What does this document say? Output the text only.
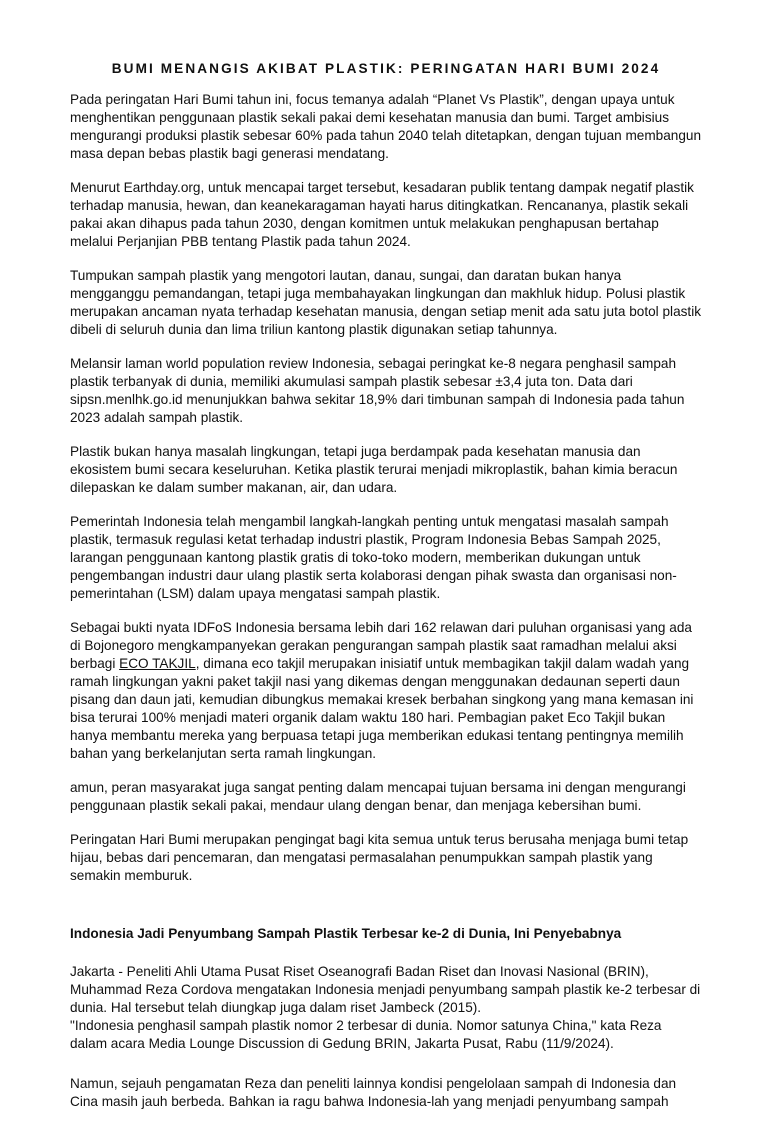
BUMI MENANGIS AKIBAT PLASTIK: PERINGATAN HARI BUMI 2024

Pada peringatan Hari Bumi tahun ini, focus temanya adalah “Planet Vs Plastik”, dengan upaya untuk menghentikan penggunaan plastik sekali pakai demi kesehatan manusia dan bumi. Target ambisius mengurangi produksi plastik sebesar 60% pada tahun 2040 telah ditetapkan, dengan tujuan membangun masa depan bebas plastik bagi generasi mendatang.

Menurut Earthday.org, untuk mencapai target tersebut, kesadaran publik tentang dampak negatif plastik terhadap manusia, hewan, dan keanekaragaman hayati harus ditingkatkan. Rencananya, plastik sekali pakai akan dihapus pada tahun 2030, dengan komitmen untuk melakukan penghapusan bertahap melalui Perjanjian PBB tentang Plastik pada tahun 2024.

Tumpukan sampah plastik yang mengotori lautan, danau, sungai, dan daratan bukan hanya mengganggu pemandangan, tetapi juga membahayakan lingkungan dan makhluk hidup. Polusi plastik merupakan ancaman nyata terhadap kesehatan manusia, dengan setiap menit ada satu juta botol plastik dibeli di seluruh dunia dan lima triliun kantong plastik digunakan setiap tahunnya.

Melansir laman world population review Indonesia, sebagai peringkat ke-8 negara penghasil sampah plastik terbanyak di dunia, memiliki akumulasi sampah plastik sebesar ±3,4 juta ton. Data dari sipsn.menlhk.go.id menunjukkan bahwa sekitar 18,9% dari timbunan sampah di Indonesia pada tahun 2023 adalah sampah plastik.

Plastik bukan hanya masalah lingkungan, tetapi juga berdampak pada kesehatan manusia dan ekosistem bumi secara keseluruhan. Ketika plastik terurai menjadi mikroplastik, bahan kimia beracun dilepaskan ke dalam sumber makanan, air, dan udara.

Pemerintah Indonesia telah mengambil langkah-langkah penting untuk mengatasi masalah sampah plastik, termasuk regulasi ketat terhadap industri plastik, Program Indonesia Bebas Sampah 2025, larangan penggunaan kantong plastik gratis di toko-toko modern, memberikan dukungan untuk pengembangan industri daur ulang plastik serta kolaborasi dengan pihak swasta dan organisasi non-pemerintahan (LSM) dalam upaya mengatasi sampah plastik.

Sebagai bukti nyata IDFoS Indonesia bersama lebih dari 162 relawan dari puluhan organisasi yang ada di Bojonegoro mengkampanyekan gerakan pengurangan sampah plastik saat ramadhan melalui aksi berbagi ECO TAKJIL, dimana eco takjil merupakan inisiatif untuk membagikan takjil dalam wadah yang ramah lingkungan yakni paket takjil nasi yang dikemas dengan menggunakan dedaunan seperti daun pisang dan daun jati, kemudian dibungkus memakai kresek berbahan singkong yang mana kemasan ini bisa terurai 100% menjadi materi organik dalam waktu 180 hari. Pembagian paket Eco Takjil bukan hanya membantu mereka yang berpuasa tetapi juga memberikan edukasi tentang pentingnya memilih bahan yang berkelanjutan serta ramah lingkungan.

amun, peran masyarakat juga sangat penting dalam mencapai tujuan bersama ini dengan mengurangi penggunaan plastik sekali pakai, mendaur ulang dengan benar, dan menjaga kebersihan bumi.

Peringatan Hari Bumi merupakan pengingat bagi kita semua untuk terus berusaha menjaga bumi tetap hijau, bebas dari pencemaran, dan mengatasi permasalahan penumpukkan sampah plastik yang semakin memburuk.

Indonesia Jadi Penyumbang Sampah Plastik Terbesar ke-2 di Dunia, Ini Penyebabnya
Jakarta - Peneliti Ahli Utama Pusat Riset Oseanografi Badan Riset dan Inovasi Nasional (BRIN), Muhammad Reza Cordova mengatakan Indonesia menjadi penyumbang sampah plastik ke-2 terbesar di dunia. Hal tersebut telah diungkap juga dalam riset Jambeck (2015).
"Indonesia penghasil sampah plastik nomor 2 terbesar di dunia. Nomor satunya China," kata Reza dalam acara Media Lounge Discussion di Gedung BRIN, Jakarta Pusat, Rabu (11/9/2024).

Namun, sejauh pengamatan Reza dan peneliti lainnya kondisi pengelolaan sampah di Indonesia dan Cina masih jauh berbeda. Bahkan ia ragu bahwa Indonesia-lah yang menjadi penyumbang sampah
